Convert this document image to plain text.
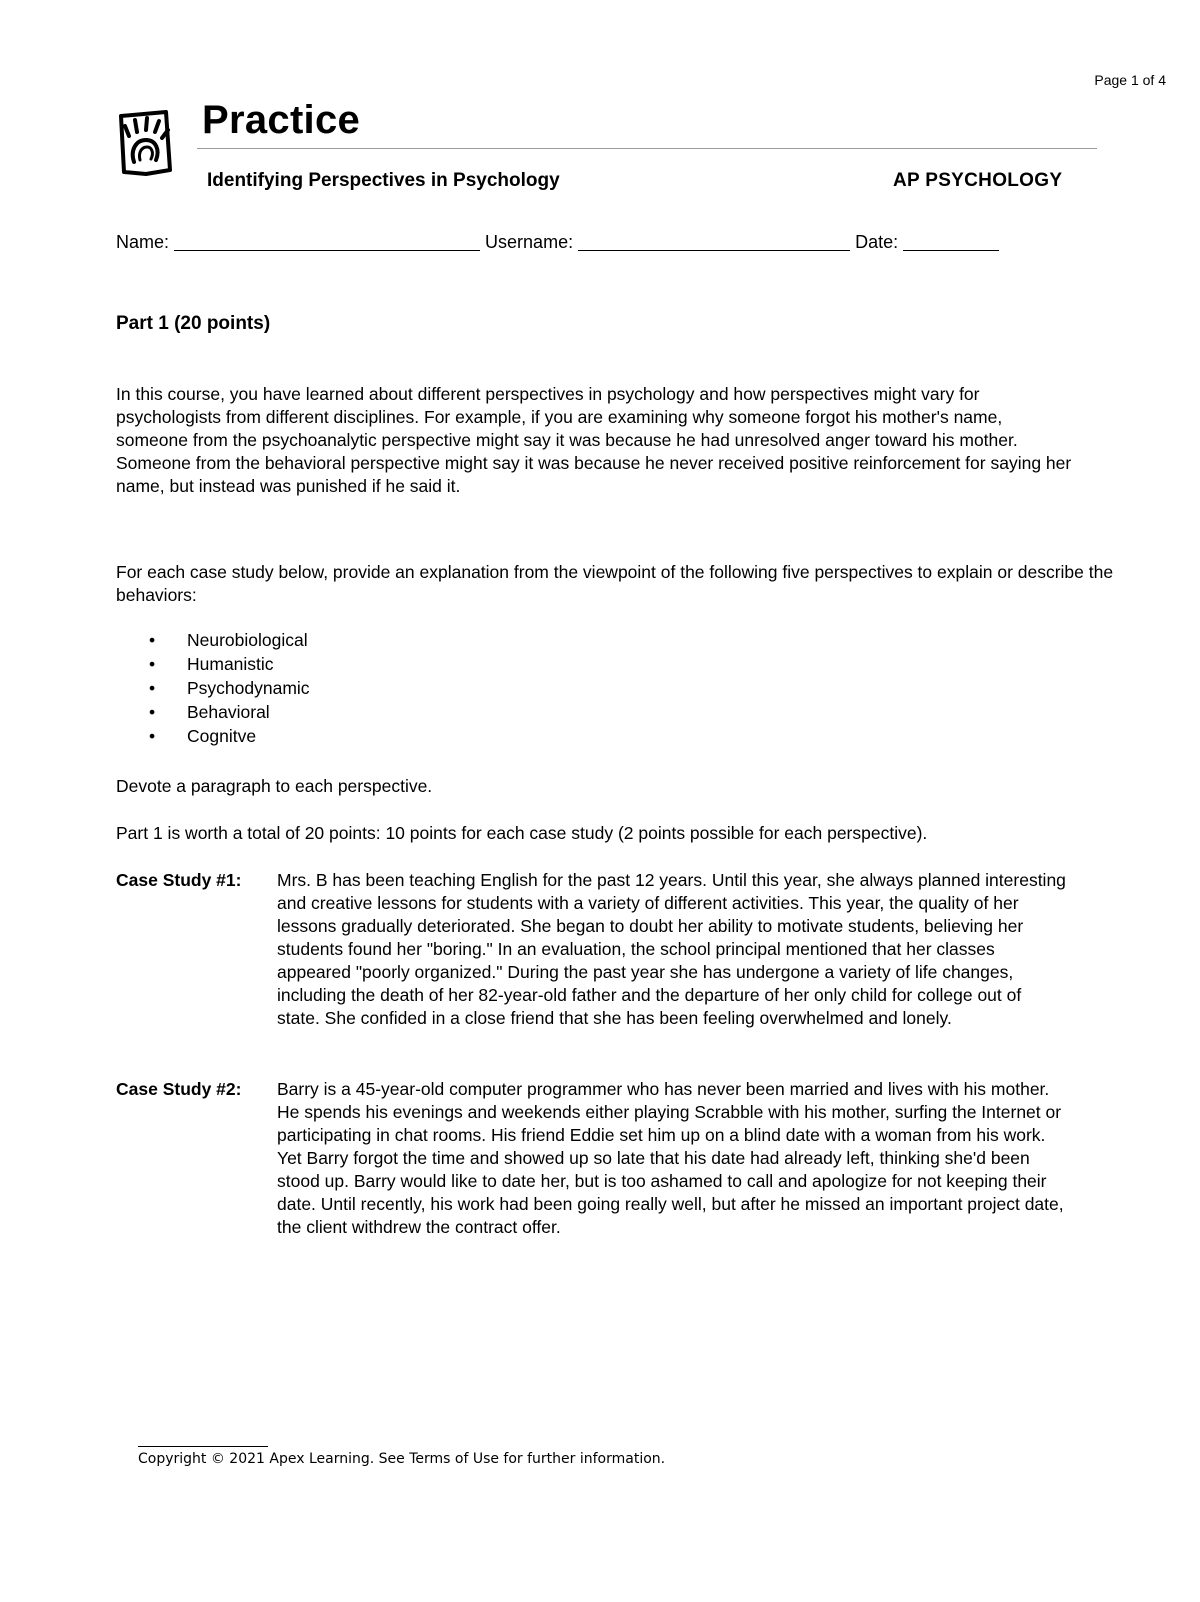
Page 1 of 4
Practice
Identifying Perspectives in Psychology	AP PSYCHOLOGY
Name:	Username:	Date:
Part 1 (20 points)

In this course, you have learned about different perspectives in psychology and how perspectives might vary for psychologists from different disciplines. For example, if you are examining why someone forgot his mother's name, someone from the psychoanalytic perspective might say it was because he had unresolved anger toward his mother. Someone from the behavioral perspective might say it was because he never received positive reinforcement for saying her name, but instead was punished if he said it.

For each case study below, provide an explanation from the viewpoint of the following five perspectives to explain or describe the behaviors:

• Neurobiological
• Humanistic
• Psychodynamic
• Behavioral
• Cognitve

Devote a paragraph to each perspective.

Part 1 is worth a total of 20 points: 10 points for each case study (2 points possible for each perspective).

Case Study #1: Mrs. B has been teaching English for the past 12 years. Until this year, she always planned interesting and creative lessons for students with a variety of different activities. This year, the quality of her lessons gradually deteriorated. She began to doubt her ability to motivate students, believing her students found her "boring." In an evaluation, the school principal mentioned that her classes appeared "poorly organized." During the past year she has undergone a variety of life changes, including the death of her 82-year-old father and the departure of her only child for college out of state. She confided in a close friend that she has been feeling overwhelmed and lonely.
Case Study #2: Barry is a 45-year-old computer programmer who has never been married and lives with his mother. He spends his evenings and weekends either playing Scrabble with his mother, surfing the Internet or participating in chat rooms. His friend Eddie set him up on a blind date with a woman from his work. Yet Barry forgot the time and showed up so late that his date had already left, thinking she'd been stood up. Barry would like to date her, but is too ashamed to call and apologize for not keeping their date. Until recently, his work had been going really well, but after he missed an important project date, the client withdrew the contract offer.
Copyright © 2021 Apex Learning. See Terms of Use for further information.
